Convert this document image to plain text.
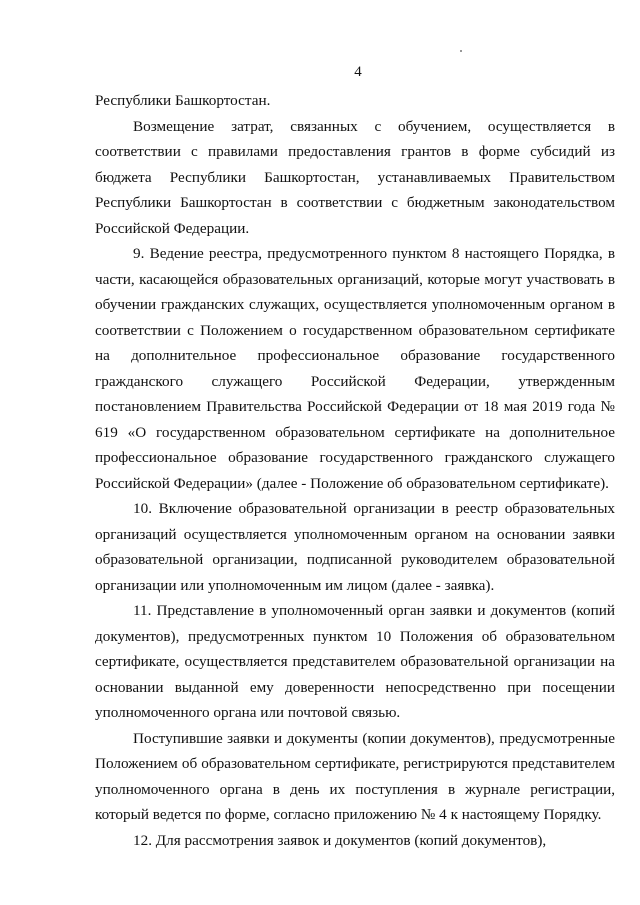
4

Республики Башкортостан.

Возмещение затрат, связанных с обучением, осуществляется в соответствии с правилами предоставления грантов в форме субсидий из бюджета Республики Башкортостан, устанавливаемых Правительством Республики Башкортостан в соответствии с бюджетным законодательством Российской Федерации.

9. Ведение реестра, предусмотренного пунктом 8 настоящего Порядка, в части, касающейся образовательных организаций, которые могут участвовать в обучении гражданских служащих, осуществляется уполномоченным органом в соответствии с Положением о государственном образовательном сертификате на дополнительное профессиональное образование государственного гражданского служащего Российской Федерации, утвержденным постановлением Правительства Российской Федерации от 18 мая 2019 года № 619 «О государственном образовательном сертификате на дополнительное профессиональное образование государственного гражданского служащего Российской Федерации» (далее - Положение об образовательном сертификате).

10. Включение образовательной организации в реестр образовательных организаций осуществляется уполномоченным органом на основании заявки образовательной организации, подписанной руководителем образовательной организации или уполномоченным им лицом (далее - заявка).

11. Представление в уполномоченный орган заявки и документов (копий документов), предусмотренных пунктом 10 Положения об образовательном сертификате, осуществляется представителем образовательной организации на основании выданной ему доверенности непосредственно при посещении уполномоченного органа или почтовой связью.

Поступившие заявки и документы (копии документов), предусмотренные Положением об образовательном сертификате, регистрируются представителем уполномоченного органа в день их поступления в журнале регистрации, который ведется по форме, согласно приложению № 4 к настоящему Порядку.

12. Для рассмотрения заявок и документов (копий документов),
